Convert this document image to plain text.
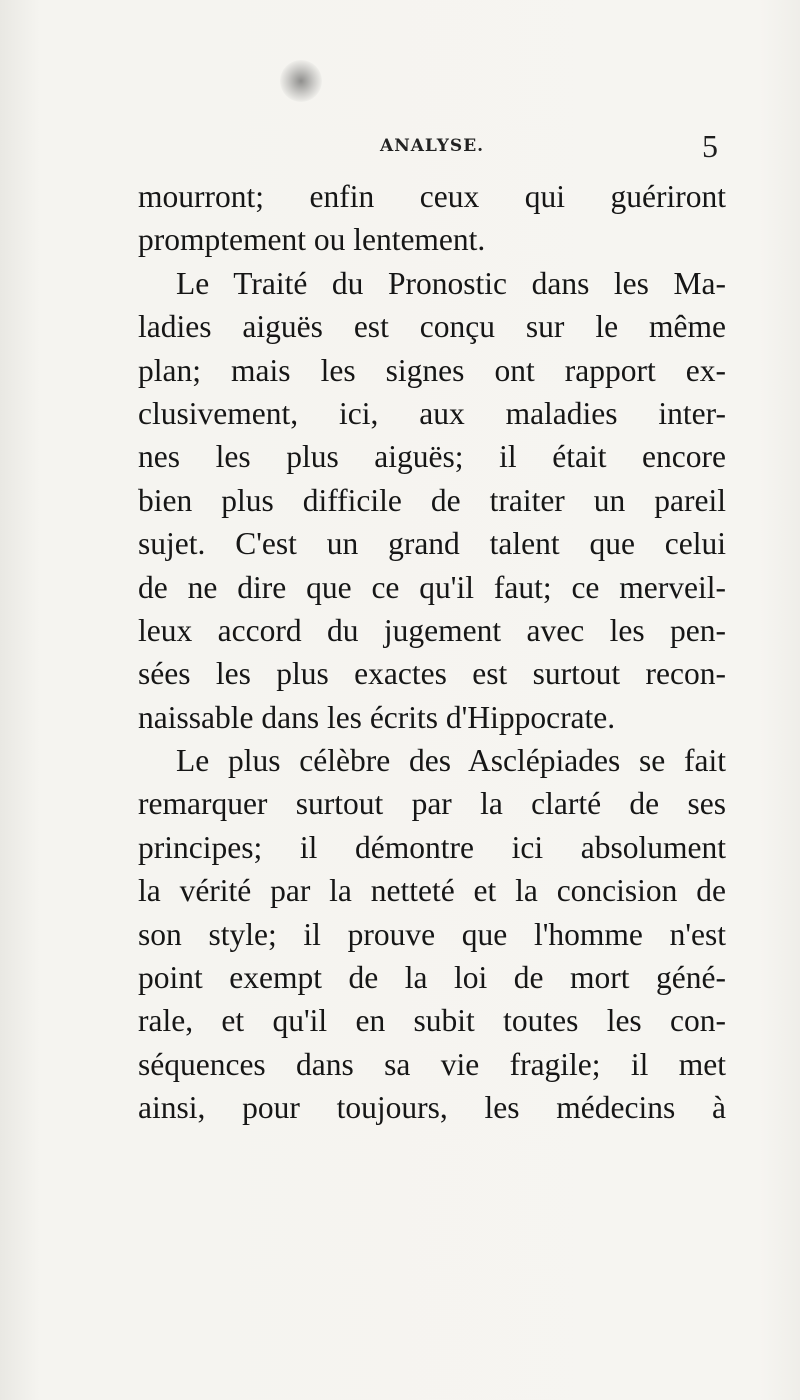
ANALYSE.	5
mourront; enfin ceux qui guériront
promptement ou lentement.
Le Traité du Pronostic dans les Ma-
ladies aiguës est conçu sur le même
plan; mais les signes ont rapport ex-
clusivement, ici, aux maladies inter-
nes les plus aiguës; il était encore
bien plus difficile de traiter un pareil
sujet. C'est un grand talent que celui
de ne dire que ce qu'il faut; ce merveil-
leux accord du jugement avec les pen-
sées les plus exactes est surtout recon-
naissable dans les écrits d'Hippocrate.
Le plus célèbre des Asclépiades se fait
remarquer surtout par la clarté de ses
principes; il démontre ici absolument
la vérité par la netteté et la concision de
son style; il prouve que l'homme n'est
point exempt de la loi de mort géné-
rale, et qu'il en subit toutes les con-
séquences dans sa vie fragile; il met
ainsi, pour toujours, les médecins à
